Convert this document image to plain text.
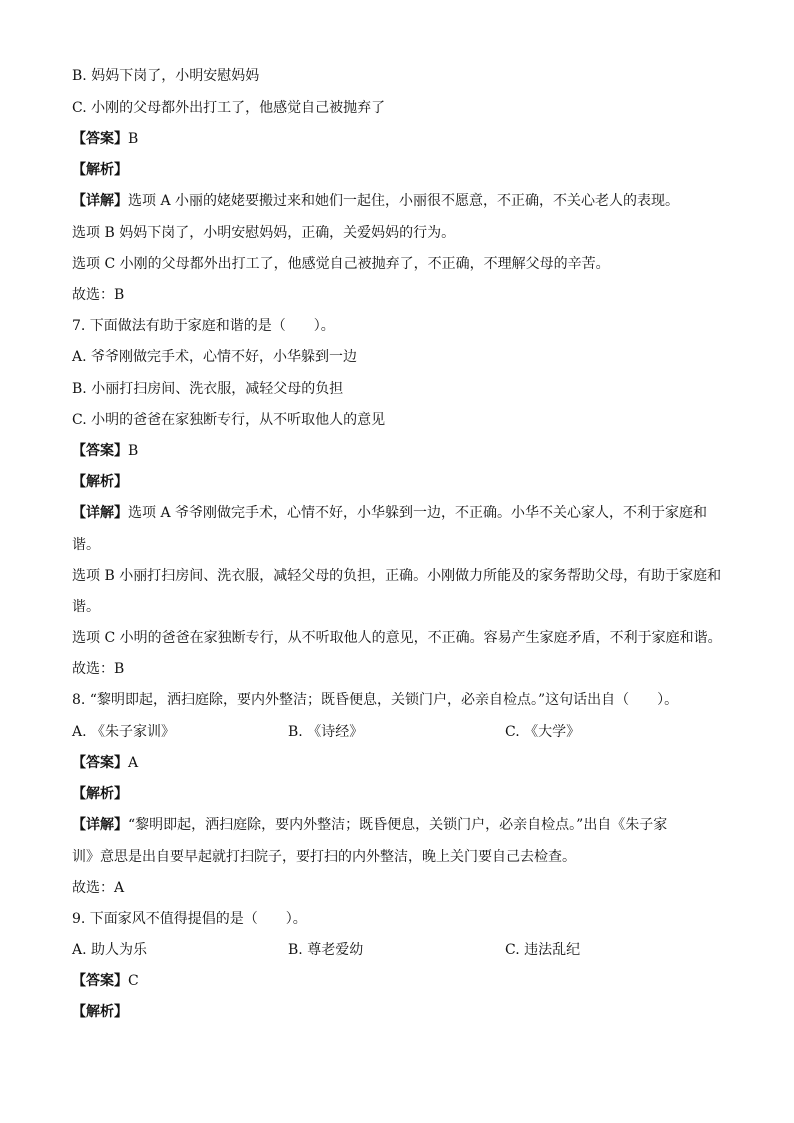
B. 妈妈下岗了，小明安慰妈妈
C. 小刚的父母都外出打工了，他感觉自己被抛弃了
【答案】B
【解析】
【详解】选项 A 小丽的姥姥要搬过来和她们一起住，小丽很不愿意，不正确，不关心老人的表现。
选项 B 妈妈下岗了，小明安慰妈妈，正确，关爱妈妈的行为。
选项 C 小刚的父母都外出打工了，他感觉自己被抛弃了，不正确，不理解父母的辛苦。
故选：B
7. 下面做法有助于家庭和谐的是（　　）。
A. 爷爷刚做完手术，心情不好，小华躲到一边
B. 小丽打扫房间、洗衣服，减轻父母的负担
C. 小明的爸爸在家独断专行，从不听取他人的意见
【答案】B
【解析】
【详解】选项 A 爷爷刚做完手术，心情不好，小华躲到一边，不正确。小华不关心家人，不利于家庭和
谐。
选项 B 小丽打扫房间、洗衣服，减轻父母的负担，正确。小刚做力所能及的家务帮助父母，有助于家庭和
谐。
选项 C 小明的爸爸在家独断专行，从不听取他人的意见，不正确。容易产生家庭矛盾，不利于家庭和谐。
故选：B
8. “黎明即起，洒扫庭除，要内外整洁；既昏便息，关锁门户，必亲自检点。”这句话出自（　　）。
A. 《朱子家训》	B. 《诗经》	C. 《大学》
【答案】A
【解析】
【详解】“黎明即起，洒扫庭除，要内外整洁；既昏便息，关锁门户，必亲自检点。”出自《朱子家
训》意思是出自要早起就打扫院子，要打扫的内外整洁，晚上关门要自己去检查。
故选：A
9. 下面家风不值得提倡的是（　　）。
A. 助人为乐	B. 尊老爱幼	C. 违法乱纪
【答案】C
【解析】
